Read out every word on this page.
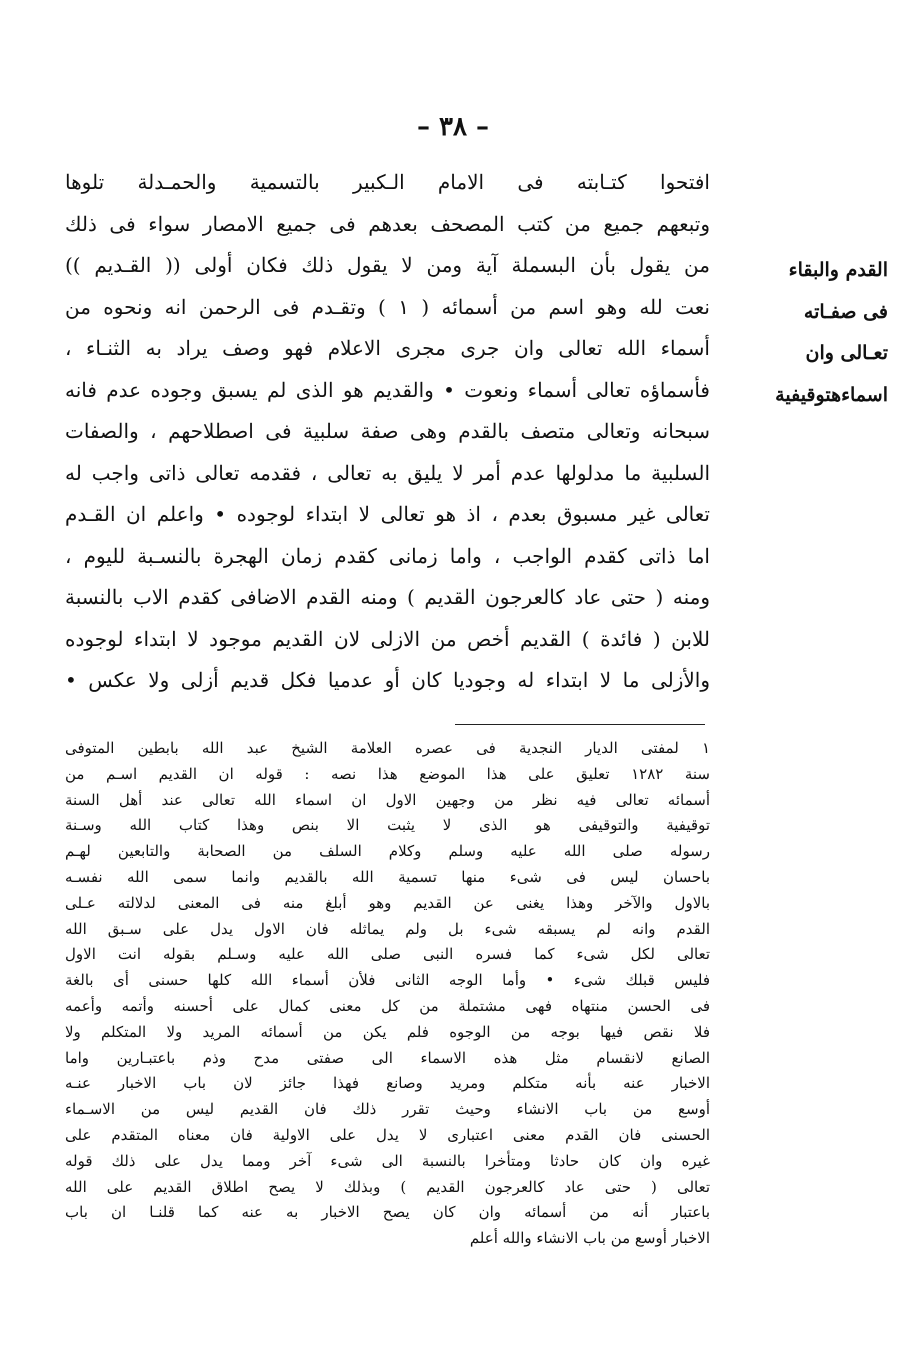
– ٣٨ –
افتحوا كتـابته فى الامام الـكبير بالتسمية والحمـدلة تلوها
وتبعهم جميع من كتب المصحف بعدهم فى جميع الامصار سواء فى ذلك
من يقول بأن البسملة آية ومن لا يقول ذلك فكان أولى (( القـديم ))
نعت لله وهو اسم من أسمائه ( ١ ) وتقـدم فى الرحمن انه ونحوه من
أسماء الله تعالى وان جرى مجرى الاعلام فهو وصف يراد به الثنـاء ،
فأسماؤه تعالى أسماء ونعوت • والقديم هو الذى لم يسبق وجوده عدم فانه
سبحانه وتعالى متصف بالقدم وهى صفة سلبية فى اصطلاحهم ، والصفات
السلبية ما مدلولها عدم أمر لا يليق به تعالى ، فقدمه تعالى ذاتى واجب له
تعالى غير مسبوق بعدم ، اذ هو تعالى لا ابتداء لوجوده • واعلم ان القـدم
اما ذاتى كقدم الواجب ، واما زمانى كقدم زمان الهجرة بالنسـبة لليوم ،
ومنه ( حتى عاد كالعرجون القديم ) ومنه القدم الاضافى كقدم الاب بالنسبة
للابن ( فائدة ) القديم أخص من الازلى لان القديم موجود لا ابتداء لوجوده
والأزلى ما لا ابتداء له وجوديا كان أو عدميا فكل قديم أزلى ولا عكس •
القدم والبقاء
فى صفـاته
تعـالى وان
اسماءهتوقيفية
١ لمفتى الديار النجدية فى عصره العلامة الشيخ عبد الله بابطين المتوفى
سنة ١٢٨٢ تعليق على هذا الموضع هذا نصه : قوله ان القديم اسـم من
أسمائه تعالى فيه نظر من وجهين الاول ان اسماء الله تعالى عند أهل السنة
توقيفية والتوقيفى هو الذى لا يثبت الا بنص وهذا كتاب الله وسـنة
رسوله صلى الله عليه وسلم وكلام السلف من الصحابة والتابعين لهـم
باحسان ليس فى شىء منها تسمية الله بالقديم وانما سمى الله نفسـه
بالاول والآخر وهذا يغنى عن القديم وهو أبلغ منه فى المعنى لدلالته عـلى
القدم وانه لم يسبقه شىء بل ولم يماثله فان الاول يدل على سـبق الله
تعالى لكل شىء كما فسره النبى صلى الله عليه وسـلم بقوله انت الاول
فليس قبلك شىء • وأما الوجه الثانى فلأن أسماء الله كلها حسنى أى بالغة
فى الحسن منتهاه فهى مشتملة من كل معنى كمال على أحسنه وأتمه وأعمه
فلا نقص فيها بوجه من الوجوه فلم يكن من أسمائه المريد ولا المتكلم ولا
الصانع لانقسام مثل هذه الاسماء الى صفتى مدح وذم باعتبـارين واما
الاخبار عنه بأنه متكلم ومريد وصانع فهذا جائز لان باب الاخبار عنـه
أوسع من باب الانشاء وحيث تقرر ذلك فان القديم ليس من الاسـماء
الحسنى فان القدم معنى اعتبارى لا يدل على الاولية فان معناه المتقدم على
غيره وان كان حادثا ومتأخرا بالنسبة الى شىء آخر ومما يدل على ذلك قوله
تعالى ( حتى عاد كالعرجون القديم ) وبذلك لا يصح اطلاق القديم على الله
باعتبار أنه من أسمائه وان كان يصح الاخبار به عنه كما قلنـا ان باب
الاخبار أوسع من باب الانشاء والله أعلم
